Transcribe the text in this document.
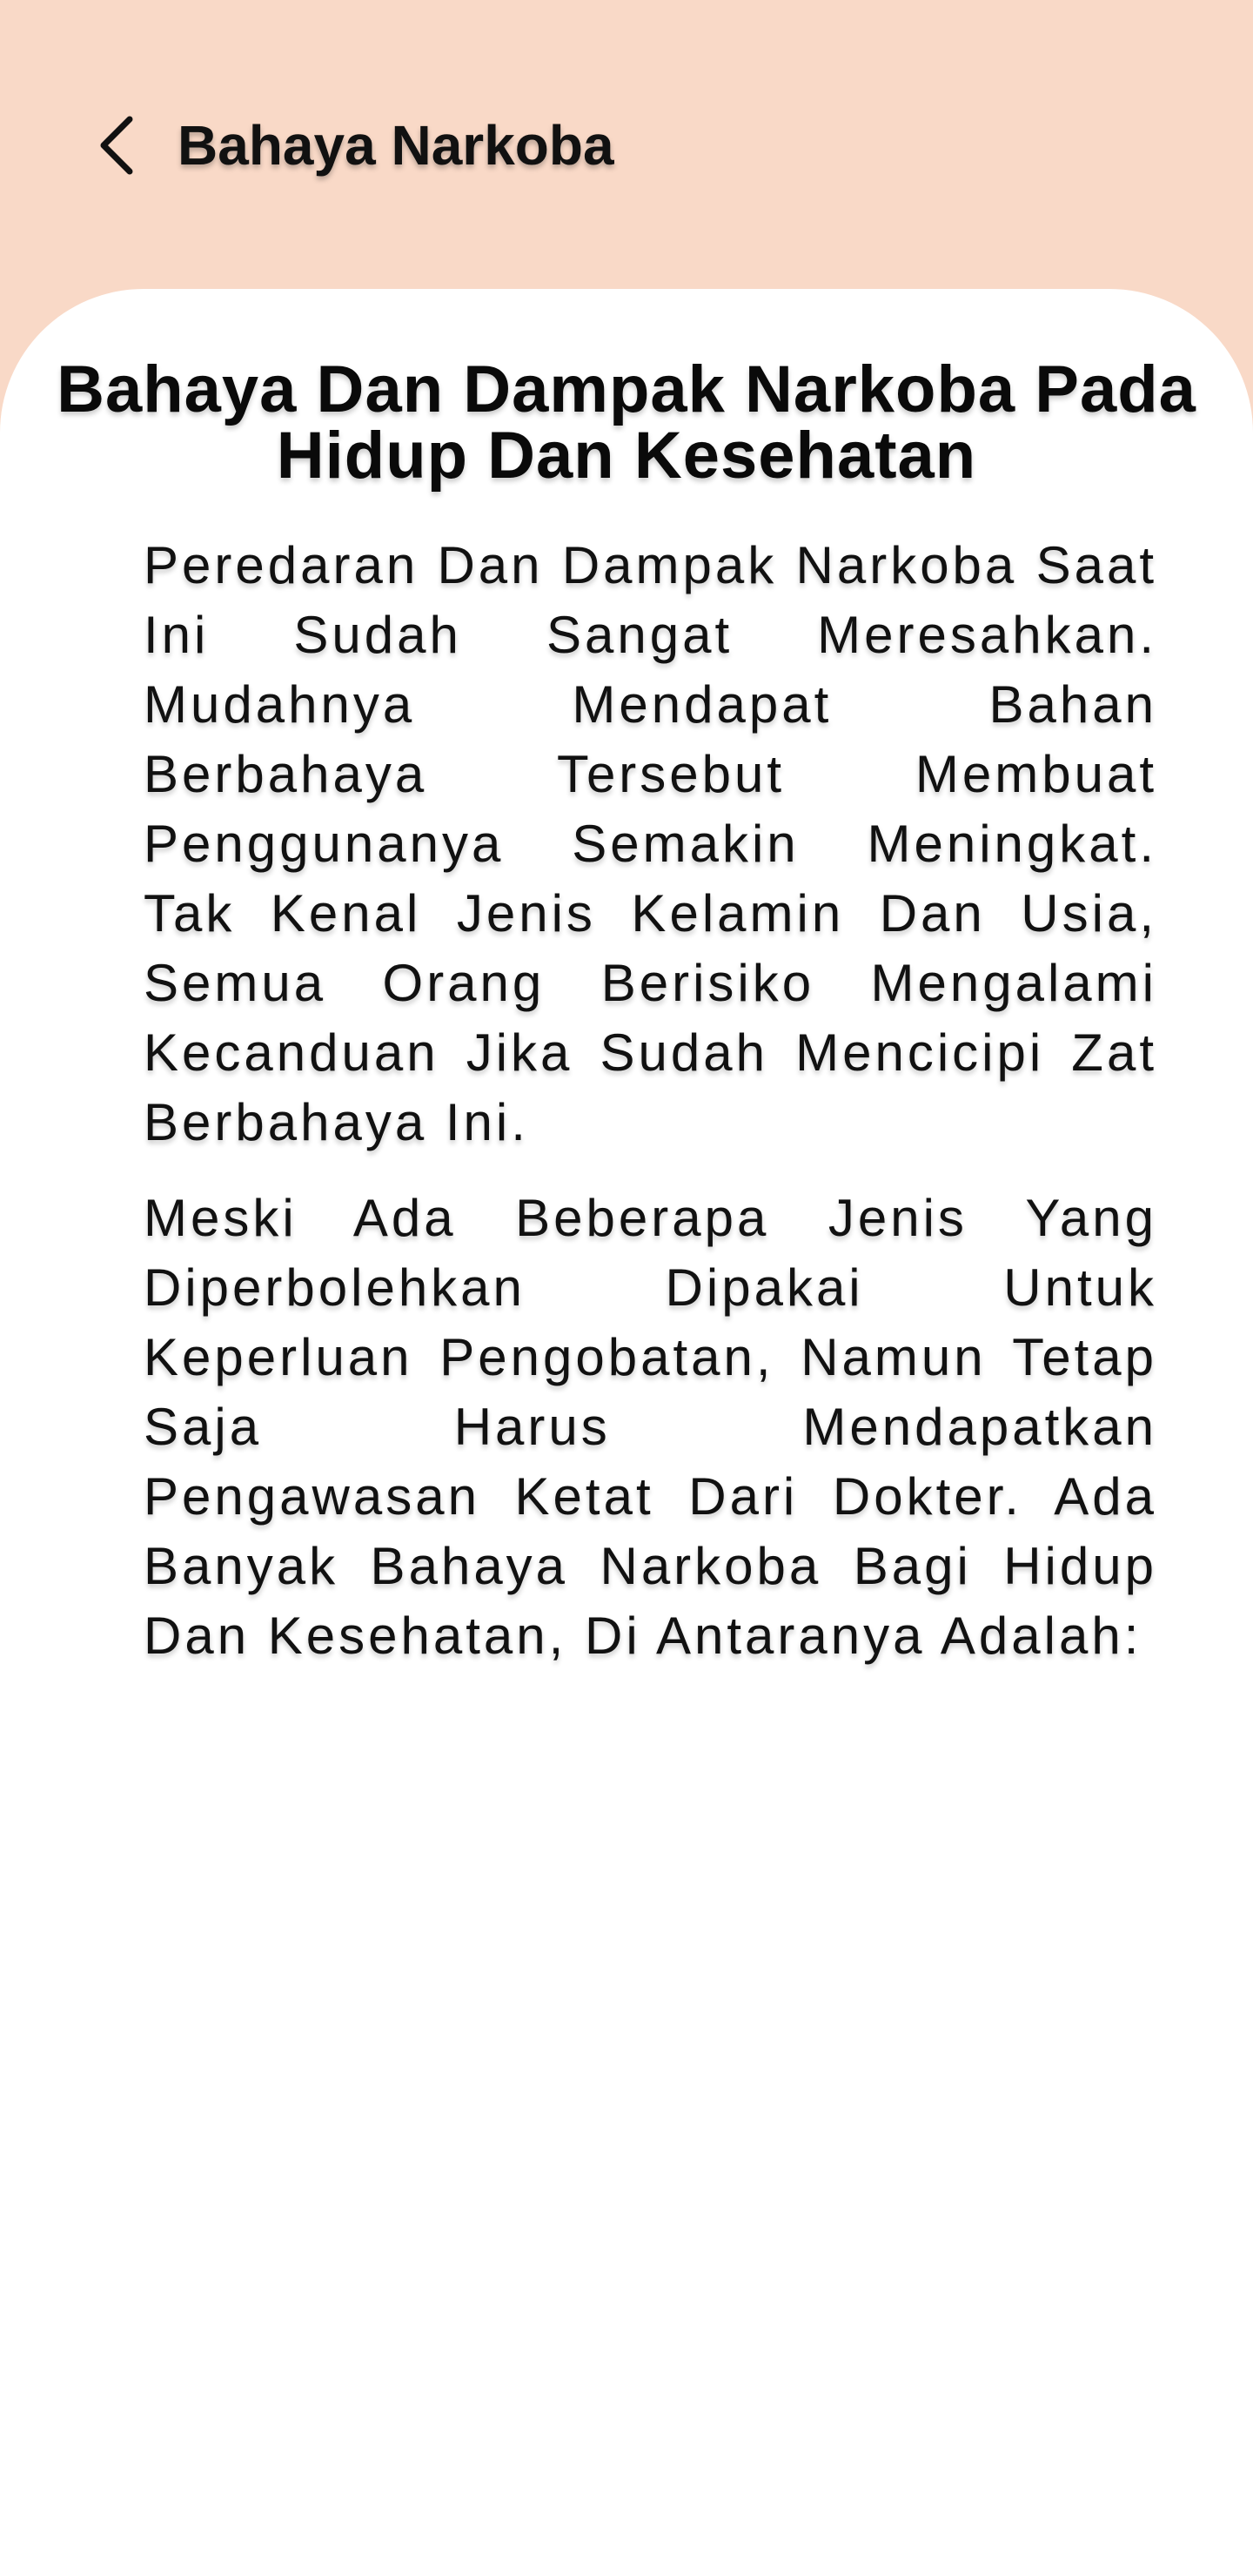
Bahaya Narkoba
Bahaya Dan Dampak Narkoba Pada Hidup Dan Kesehatan

Peredaran Dan Dampak Narkoba Saat Ini Sudah Sangat Meresahkan. Mudahnya Mendapat Bahan Berbahaya Tersebut Membuat Penggunanya Semakin Meningkat. Tak Kenal Jenis Kelamin Dan Usia, Semua Orang Berisiko Mengalami Kecanduan Jika Sudah Mencicipi Zat Berbahaya Ini.

Meski Ada Beberapa Jenis Yang Diperbolehkan Dipakai Untuk Keperluan Pengobatan, Namun Tetap Saja Harus Mendapatkan Pengawasan Ketat Dari Dokter. Ada Banyak Bahaya Narkoba Bagi Hidup Dan Kesehatan, Di Antaranya Adalah:
